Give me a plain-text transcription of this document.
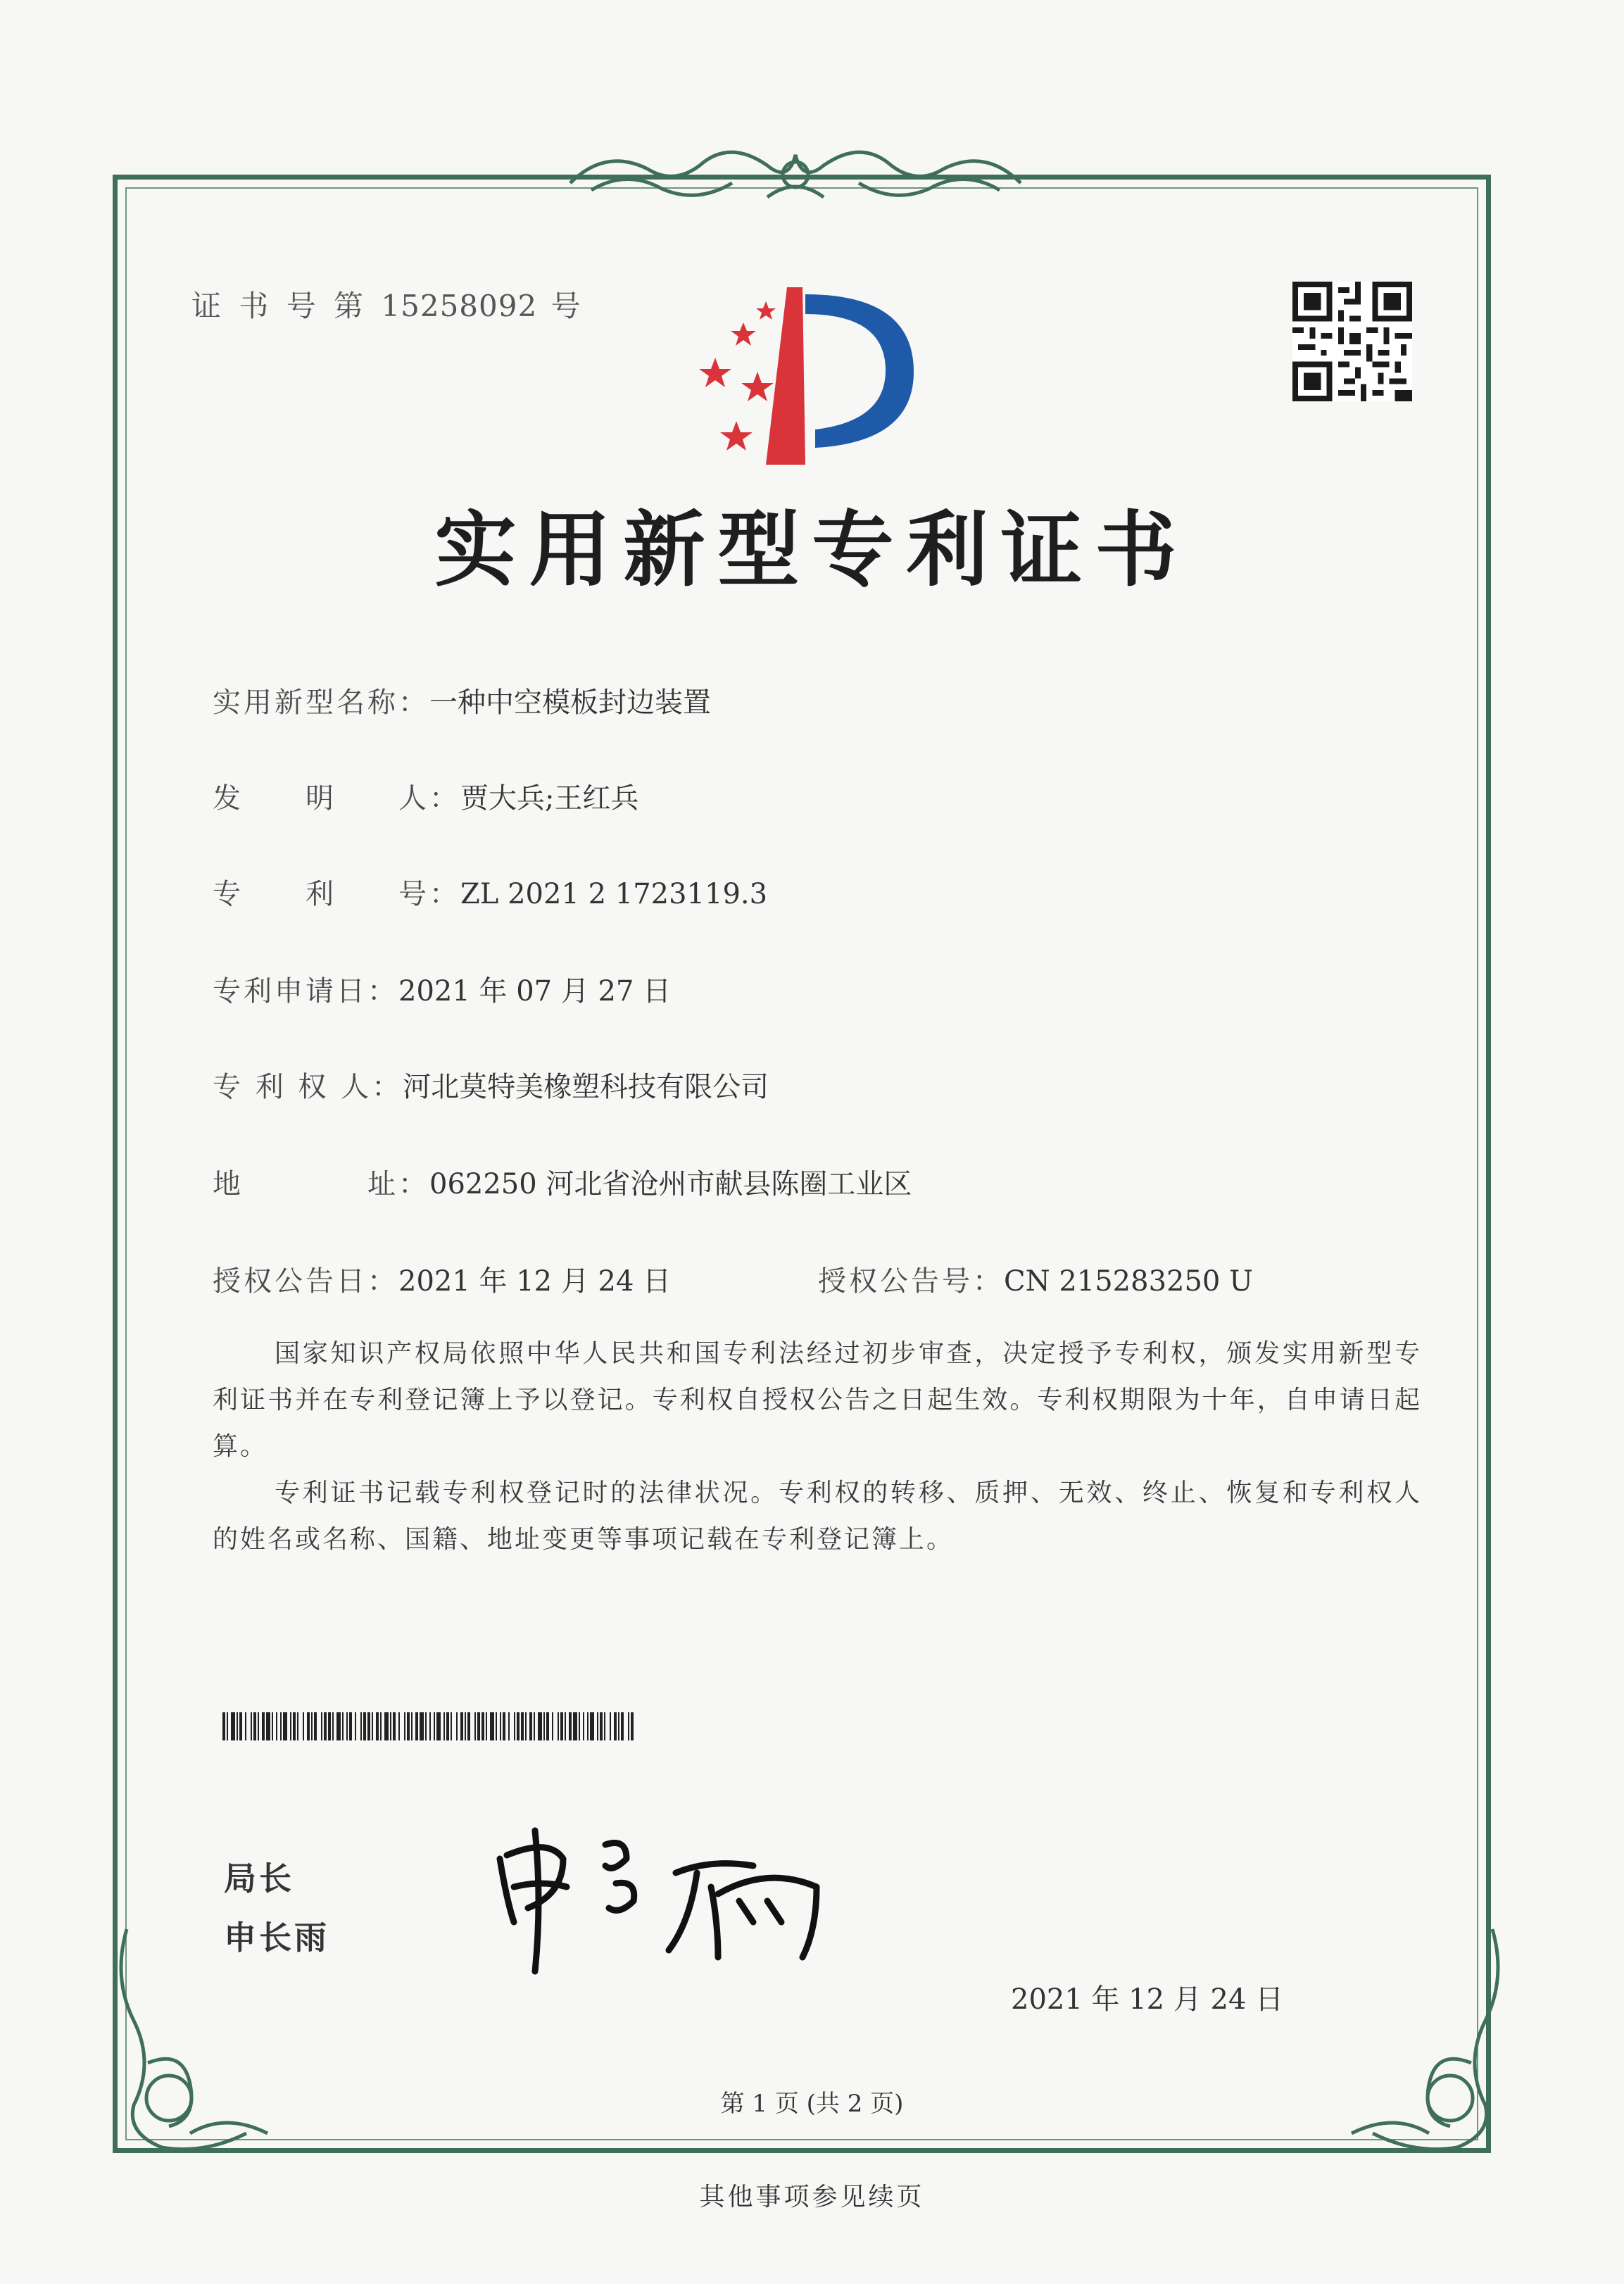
证 书 号 第 15258092 号
实用新型专利证书
实用新型名称：一种中空模板封边装置
发　　明　　人：贾大兵;王红兵
专　　利　　号：ZL 2021 2 1723119.3
专利申请日：2021 年 07 月 27 日
专 利 权 人：河北莫特美橡塑科技有限公司
地　　　　址：062250 河北省沧州市献县陈圈工业区
授权公告日：2021 年 12 月 24 日	授权公告号：CN 215283250 U
国家知识产权局依照中华人民共和国专利法经过初步审查，决定授予专利权，颁发实用新型专利证书并在专利登记簿上予以登记。专利权自授权公告之日起生效。专利权期限为十年，自申请日起算。
专利证书记载专利权登记时的法律状况。专利权的转移、质押、无效、终止、恢复和专利权人的姓名或名称、国籍、地址变更等事项记载在专利登记簿上。
局长
申长雨
2021 年 12 月 24 日
第 1 页 (共 2 页)
其他事项参见续页
